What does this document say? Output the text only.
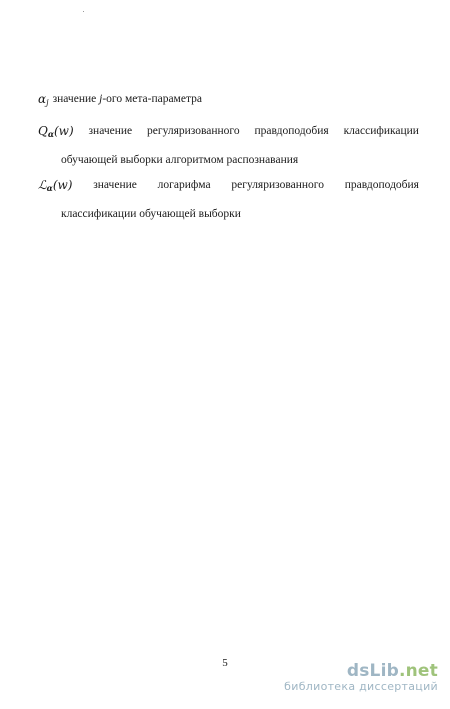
$\alpha_j$ значение j-ого мета-параметра
$Q_\alpha(w)$ значение регуляризованного правдоподобия классификации
обучающей выборки алгоритмом распознавания
ℒ$_\alpha$(w) значение логарифма регуляризованного правдоподобия
классификации обучающей выборки
5	dsLib.net
библиотека диссертаций
